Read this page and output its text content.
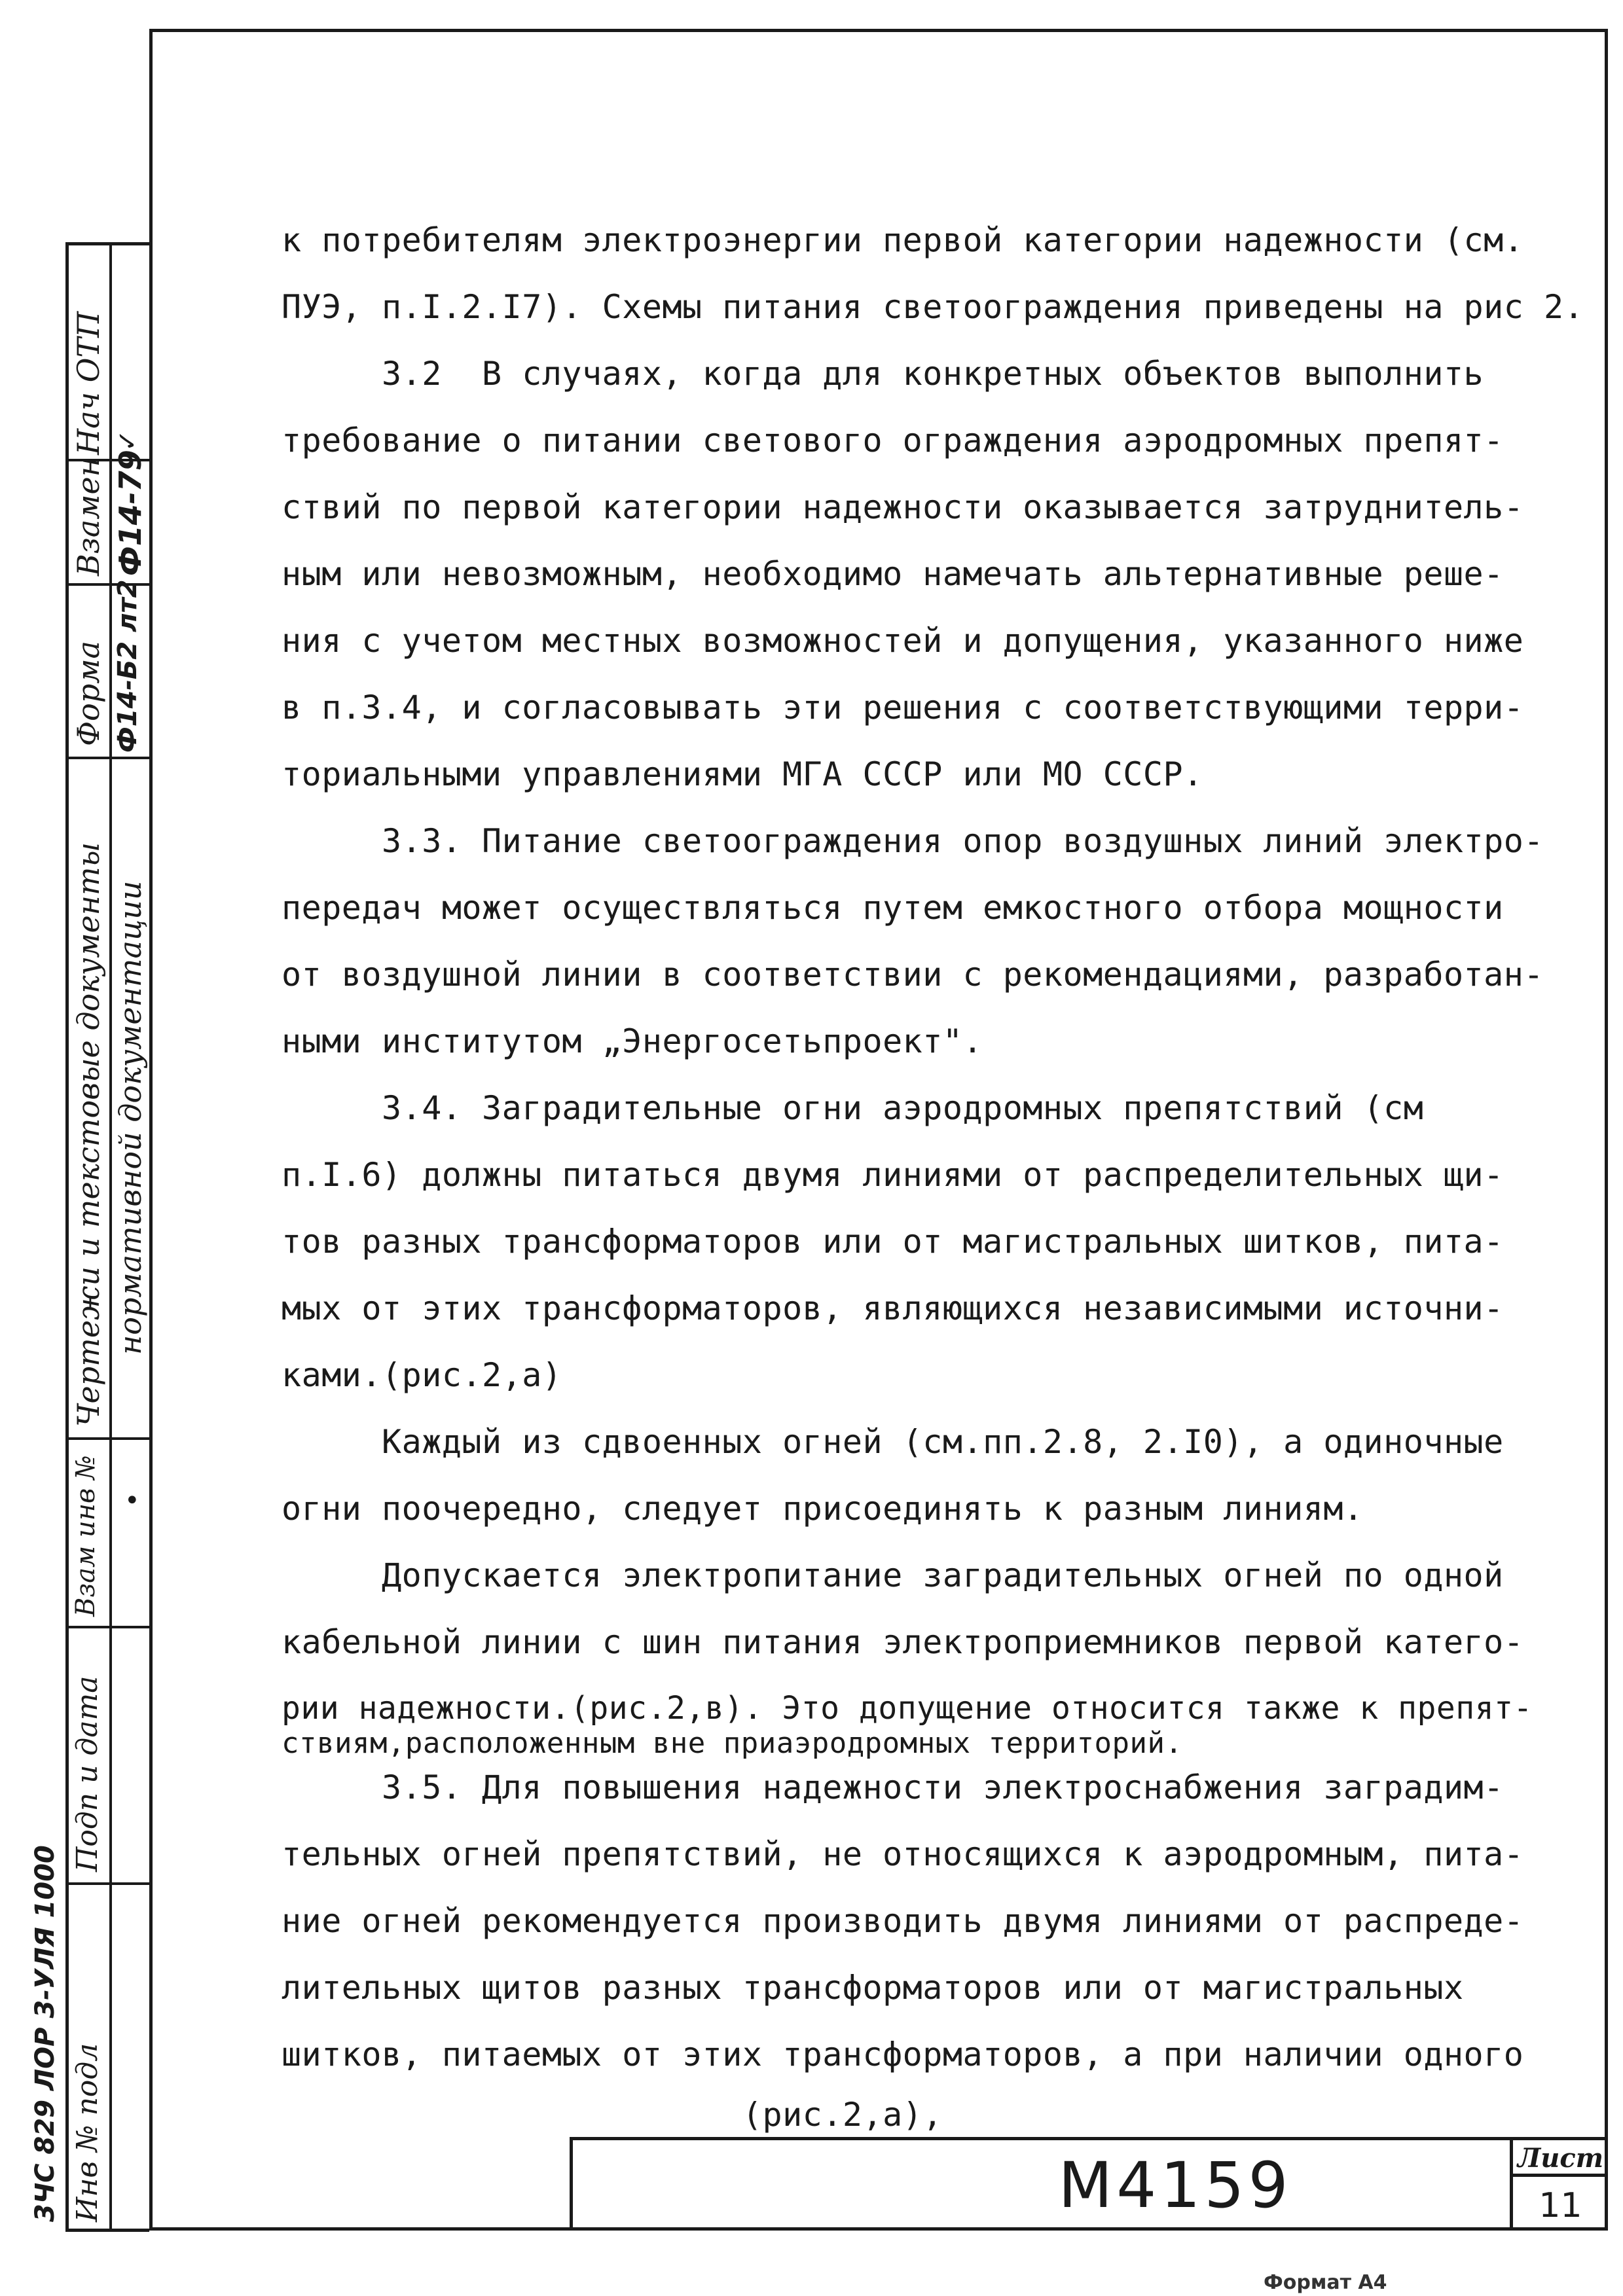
Нач ОТП ✓
Взамен Ф14-79
Форма Ф14-Б2 лт2
Чертежи и текстовые документы нормативной документации
Взам инв № •
Подп и дата
Инв № подл
3ЧС 829 ЛОР 3-УЛЯ 1000
к потребителям электроэнергии первой категории надежности (см.
ПУЭ, п.I.2.I7). Схемы питания светоограждения приведены на рис 2.
3.2  В случаях, когда для конкретных объектов выполнить
требование о питании светового ограждения аэродромных препят-
ствий по первой категории надежности оказывается затруднитель-
ным или невозможным, необходимо намечать альтернативные реше-
ния с учетом местных возможностей и допущения, указанного ниже
в п.3.4, и согласовывать эти решения с соответствующими терри-
ториальными управлениями МГА СССР или МО СССР.
3.3. Питание светоограждения опор воздушных линий электро-
передач может осуществляться путем емкостного отбора мощности
от воздушной линии в соответствии с рекомендациями, разработан-
ными институтом „Энергосетьпроект".
3.4. Заградительные огни аэродромных препятствий (см
п.I.6) должны питаться двумя линиями от распределительных щи-
тов разных трансформаторов или от магистральных шитков, пита-
мых от этих трансформаторов, являющихся независимыми источни-
ками.(рис.2,а)
Каждый из сдвоенных огней (см.пп.2.8, 2.I0), а одиночные
огни поочередно, следует присоединять к разным линиям.
Допускается электропитание заградительных огней по одной
кабельной линии с шин питания электроприемников первой катего-
рии надежности.(рис.2,в). Это допущение относится также к препят-
ствиям,расположенным вне приаэродромных территорий.
3.5. Для повышения надежности электроснабжения заградим-
тельных огней препятствий, не относящихся к аэродромным, пита-
ние огней рекомендуется производить двумя линиями от распреде-
лительных щитов разных трансформаторов или от магистральных
шитков, питаемых от этих трансформаторов, а при наличии одного
(рис.2,а),
М4159	Лист
11
Формат А4
